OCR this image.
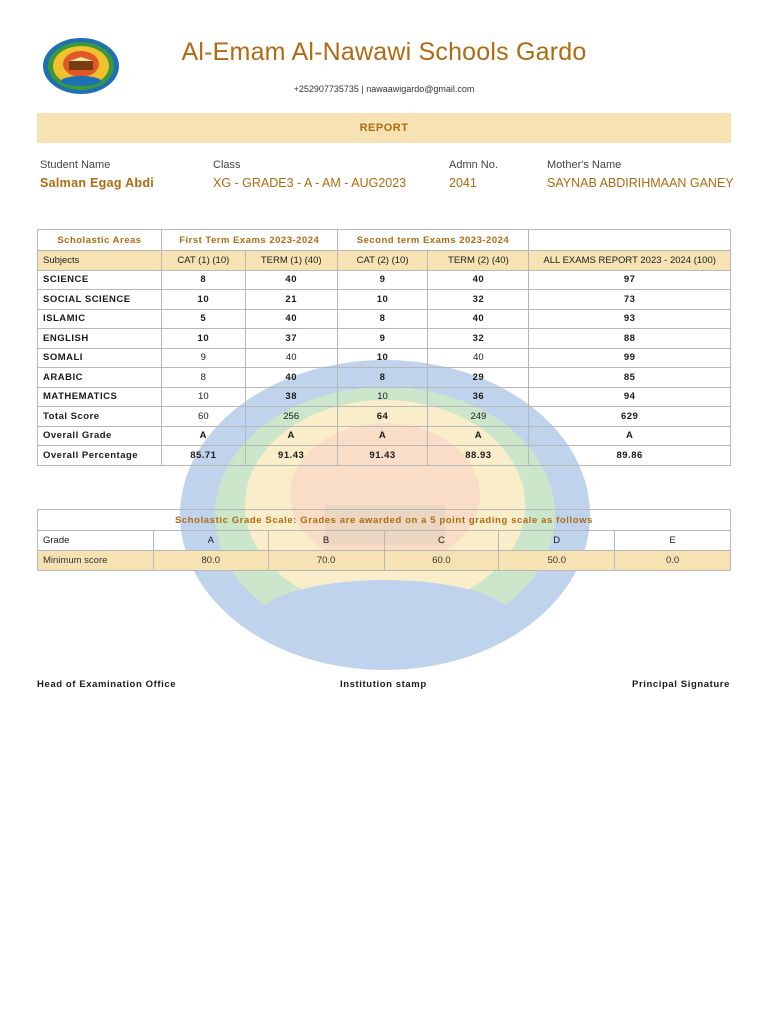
Al-Emam Al-Nawawi Schools Gardo
+252907735735 | nawaawigardo@gmail.com
REPORT
Student Name
Salman Egag Abdi
Class
XG - GRADE3 - A - AM - AUG2023
Admn No.
2041
Mother's Name
SAYNAB ABDIRIHMAAN GANEY
Scholastic Areas	First Term Exams 2023-2024		Second term Exams 2023-2024		
Subjects	CAT (1) (10)	TERM (1) (40)	CAT (2) (10)	TERM (2) (40)	ALL EXAMS REPORT 2023 - 2024 (100)
SCIENCE	8	40	9	40	97
SOCIAL SCIENCE	10	21	10	32	73
ISLAMIC	5	40	8	40	93
ENGLISH	10	37	9	32	88
SOMALI	9	40	10	40	99
ARABIC	8	40	8	29	85
MATHEMATICS	10	38	10	36	94
Total Score	60	256	64	249	629
Overall Grade	A	A	A	A	A
Overall Percentage	85.71	91.43	91.43	88.93	89.86
Scholastic Grade Scale: Grades are awarded on a 5 point grading scale as follows					
Grade	A	B	C	D	E
Minimum score	80.0	70.0	60.0	50.0	0.0
Head of Examination Office	Institution stamp	Principal Signature
